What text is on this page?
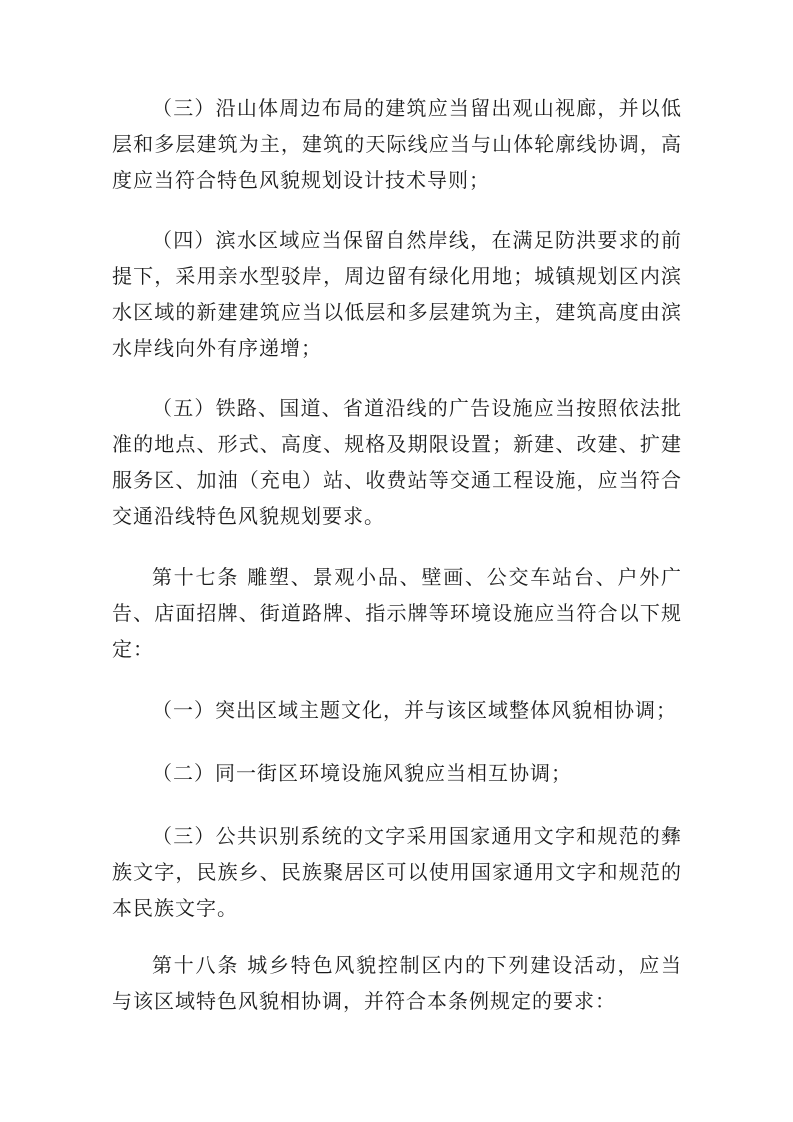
（三）沿山体周边布局的建筑应当留出观山视廊，并以低层和多层建筑为主，建筑的天际线应当与山体轮廓线协调，高度应当符合特色风貌规划设计技术导则；

（四）滨水区域应当保留自然岸线，在满足防洪要求的前提下，采用亲水型驳岸，周边留有绿化用地；城镇规划区内滨水区域的新建建筑应当以低层和多层建筑为主，建筑高度由滨水岸线向外有序递增；

（五）铁路、国道、省道沿线的广告设施应当按照依法批准的地点、形式、高度、规格及期限设置；新建、改建、扩建服务区、加油（充电）站、收费站等交通工程设施，应当符合交通沿线特色风貌规划要求。

第十七条 雕塑、景观小品、壁画、公交车站台、户外广告、店面招牌、街道路牌、指示牌等环境设施应当符合以下规定：

（一）突出区域主题文化，并与该区域整体风貌相协调；

（二）同一街区环境设施风貌应当相互协调；

（三）公共识别系统的文字采用国家通用文字和规范的彝族文字，民族乡、民族聚居区可以使用国家通用文字和规范的本民族文字。

第十八条 城乡特色风貌控制区内的下列建设活动，应当与该区域特色风貌相协调，并符合本条例规定的要求：
